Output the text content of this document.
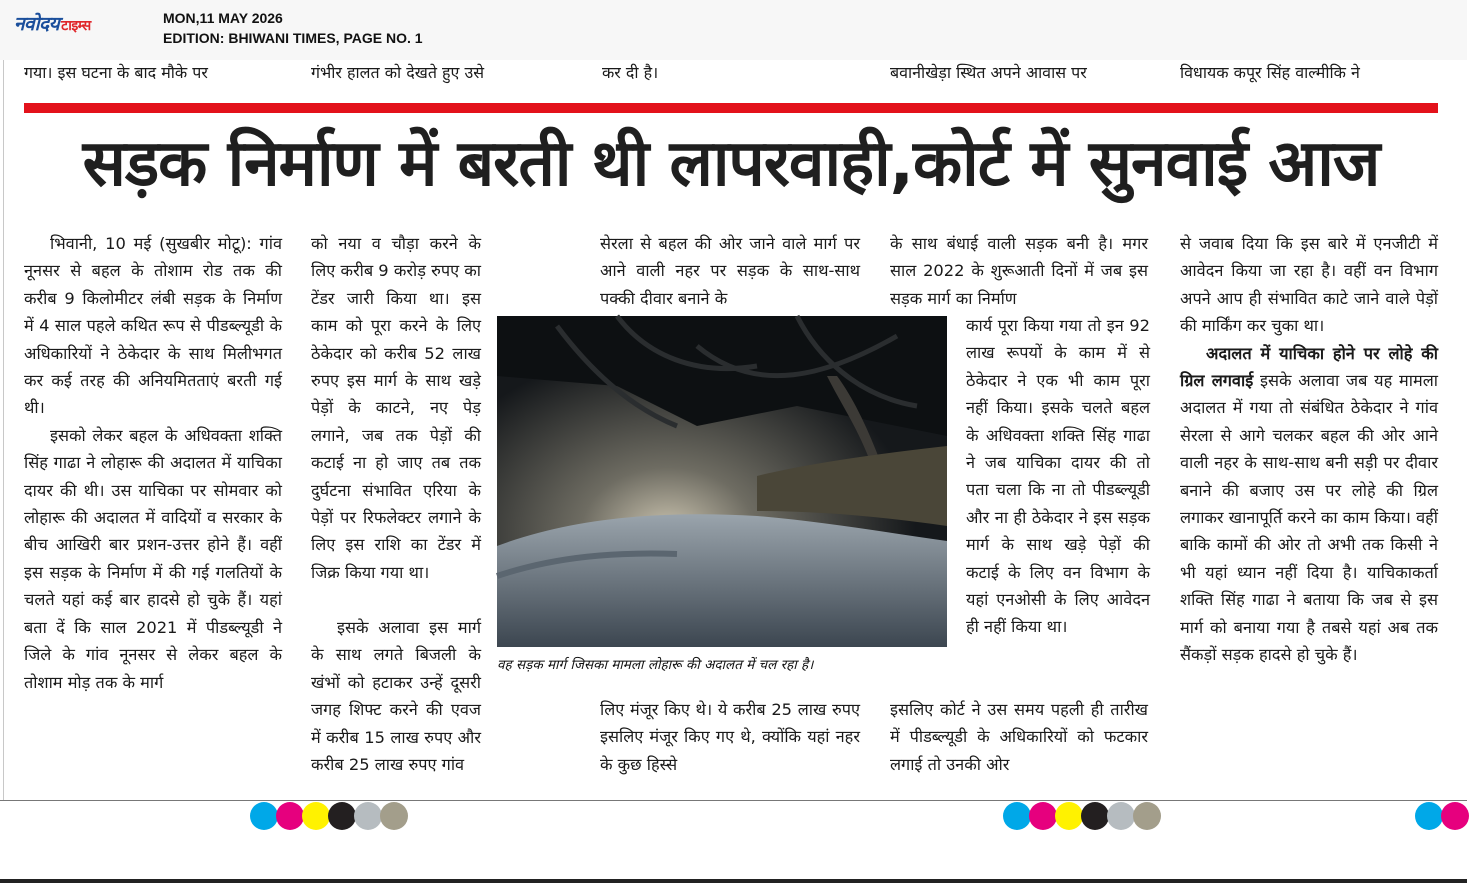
नवोदय टाइम्स	MON,11 MAY 2026
EDITION: BHIWANI TIMES, PAGE NO. 1
गया। इस घटना के बाद मौके पर	गंभीर हालत को देखते हुए उसे	कर दी है।	बवानीखेड़ा स्थित अपने आवास पर	विधायक कपूर सिंह वाल्मीकि ने
सड़क निर्माण में बरती थी लापरवाही,कोर्ट में सुनवाई आज

भिवानी, 10 मई (सुखबीर मोटू): गांव नूनसर से बहल के तोशाम रोड तक की करीब 9 किलोमीटर लंबी सड़क के निर्माण में 4 साल पहले कथित रूप से पीडब्ल्यूडी के अधिकारियों ने ठेकेदार के साथ मिलीभगत कर कई तरह की अनियमितताएं बरती गई थी।

इसको लेकर बहल के अधिवक्ता शक्ति सिंह गाढा ने लोहारू की अदालत में याचिका दायर की थी। उस याचिका पर सोमवार को लोहारू की अदालत में वादियों व सरकार के बीच आखिरी बार प्रशन-उत्तर होने हैं। वहीं इस सड़क के निर्माण में की गई गलतियों के चलते यहां कई बार हादसे हो चुके हैं। यहां बता दें कि साल 2021 में पीडब्ल्यूडी ने जिले के गांव नूनसर से लेकर बहल के तोशाम मोड़ तक के मार्ग

को नया व चौड़ा करने के लिए करीब 9 करोड़ रुपए का टेंडर जारी किया था। इस काम को पूरा करने के लिए ठेकेदार को करीब 52 लाख रुपए इस मार्ग के साथ खड़े पेड़ों के काटने, नए पेड़ लगाने, जब तक पेड़ों की कटाई ना हो जाए तब तक दुर्घटना संभावित एरिया के पेड़ों पर रिफलेक्टर लगाने के लिए इस राशि का टेंडर में जिक्र किया गया था।

इसके अलावा इस मार्ग के साथ लगते बिजली के खंभों को हटाकर उन्हें दूसरी जगह शिफ्ट करने की एवज में करीब 15 लाख रुपए और करीब 25 लाख रुपए गांव

सेरला से बहल की ओर जाने वाले मार्ग पर आने वाली नहर पर सड़क के साथ-साथ पक्की दीवार बनाने के

के साथ बंधाई वाली सड़क बनी है। मगर साल 2022 के शुरूआती दिनों में जब इस सड़क मार्ग का निर्माण

कार्य पूरा किया गया तो इन 92 लाख रूपयों के काम में से ठेकेदार ने एक भी काम पूरा नहीं किया। इसके चलते बहल के अधिवक्ता शक्ति सिंह गाढा ने जब याचिका दायर की तो पता चला कि ना तो पीडब्ल्यूडी और ना ही ठेकेदार ने इस सड़क मार्ग के साथ खड़े पेड़ों की कटाई के लिए वन विभाग के यहां एनओसी के लिए आवेदन ही नहीं किया था।

से जवाब दिया कि इस बारे में एनजीटी में आवेदन किया जा रहा है। वहीं वन विभाग अपने आप ही संभावित काटे जाने वाले पेड़ों की मार्किंग कर चुका था।

अदालत में याचिका होने पर लोहे की ग्रिल लगवाई इसके अलावा जब यह मामला अदालत में गया तो संबंधित ठेकेदार ने गांव सेरला से आगे चलकर बहल की ओर आने वाली नहर के साथ-साथ बनी सड़ी पर दीवार बनाने की बजाए उस पर लोहे की ग्रिल लगाकर खानापूर्ति करने का काम किया। वहीं बाकि कामों की ओर तो अभी तक किसी ने भी यहां ध्यान नहीं दिया है। याचिकाकर्ता शक्ति सिंह गाढा ने बताया कि जब से इस मार्ग को बनाया गया है तबसे यहां अब तक सैंकड़ों सड़क हादसे हो चुके हैं।

लिए मंजूर किए थे। ये करीब 25 लाख रुपए इसलिए मंजूर किए गए थे, क्योंकि यहां नहर के कुछ हिस्से

इसलिए कोर्ट ने उस समय पहली ही तारीख में पीडब्ल्यूडी के अधिकारियों को फटकार लगाई तो उनकी ओर

वह सड़क मार्ग जिसका मामला लोहारू की अदालत में चल रहा है।
